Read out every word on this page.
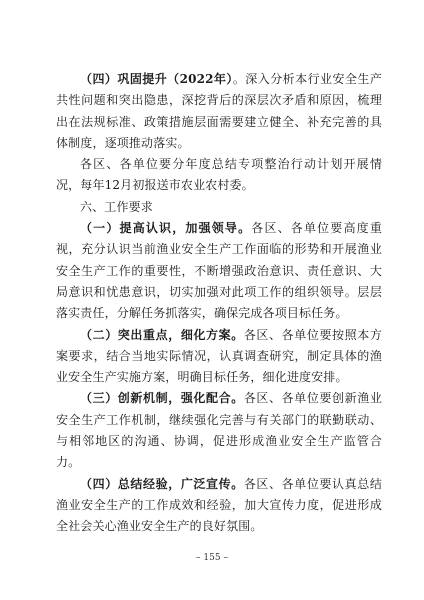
（四）巩固提升（2022年）。深入分析本行业安全生产共性问题和突出隐患，深挖背后的深层次矛盾和原因，梳理出在法规标准、政策措施层面需要建立健全、补充完善的具体制度，逐项推动落实。

各区、各单位要分年度总结专项整治行动计划开展情况，每年12月初报送市农业农村委。

六、工作要求

（一）提高认识，加强领导。各区、各单位要高度重视，充分认识当前渔业安全生产工作面临的形势和开展渔业安全生产工作的重要性，不断增强政治意识、责任意识、大局意识和忧患意识，切实加强对此项工作的组织领导。层层落实责任，分解任务抓落实，确保完成各项目标任务。

（二）突出重点，细化方案。各区、各单位要按照本方案要求，结合当地实际情况，认真调查研究，制定具体的渔业安全生产实施方案，明确目标任务，细化进度安排。

（三）创新机制，强化配合。各区、各单位要创新渔业安全生产工作机制，继续强化完善与有关部门的联勤联动、与相邻地区的沟通、协调，促进形成渔业安全生产监管合力。

（四）总结经验，广泛宣传。各区、各单位要认真总结渔业安全生产的工作成效和经验，加大宣传力度，促进形成全社会关心渔业安全生产的良好氛围。

– 155 –
